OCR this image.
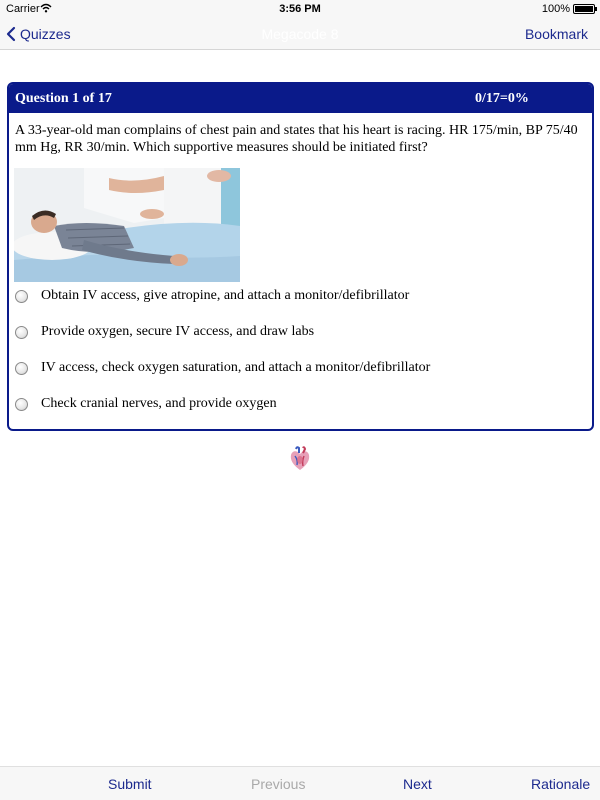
Carrier	3:56 PM	100%
Quizzes	Megacode 8	Bookmark
Question 1 of 17	0/17=0%
A 33-year-old man complains of chest pain and states that his heart is racing. HR 175/min, BP 75/40 mm Hg, RR 30/min. Which supportive measures should be initiated first?
Obtain IV access, give atropine, and attach a monitor/defibrillator
Provide oxygen, secure IV access, and draw labs
IV access, check oxygen saturation, and attach a monitor/defibrillator
Check cranial nerves, and provide oxygen
Submit	Previous	Next	Rationale
